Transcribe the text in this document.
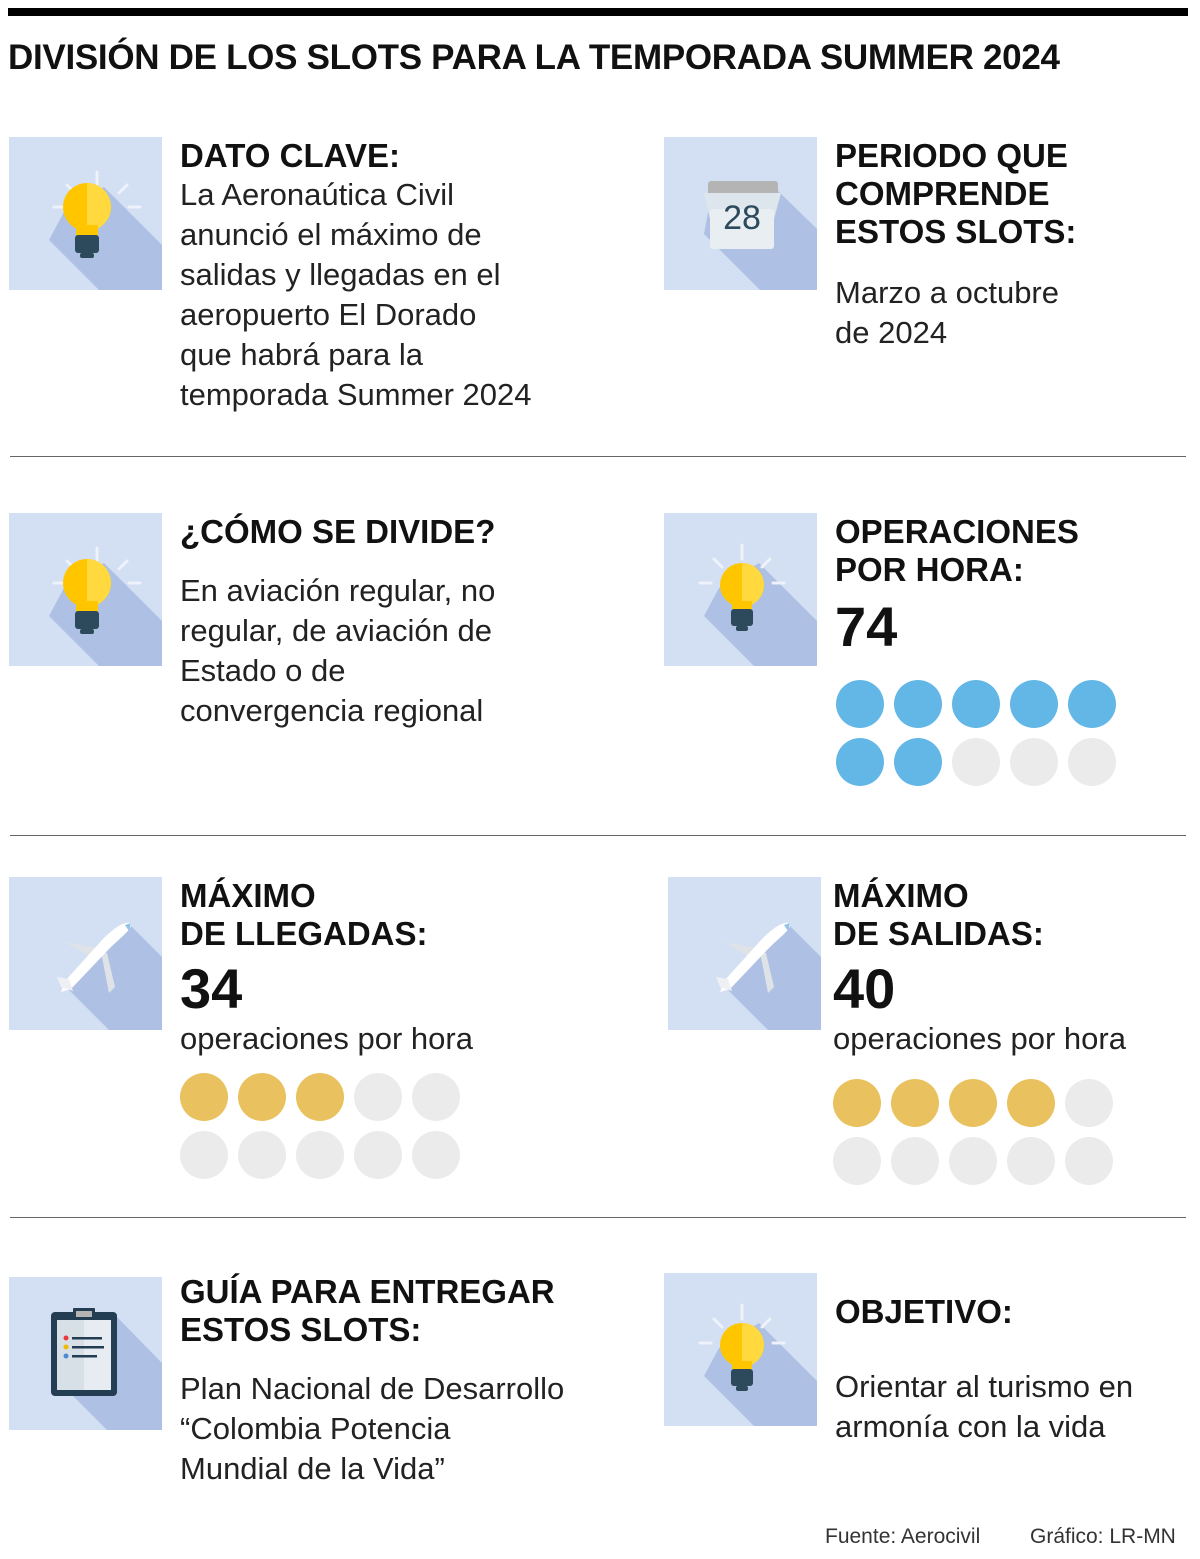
DIVISIÓN DE LOS SLOTS PARA LA TEMPORADA SUMMER 2024
DATO CLAVE:
La Aeronaútica Civil
anunció el máximo de
salidas y llegadas en el
aeropuerto El Dorado
que habrá para la
temporada Summer 2024
28
PERIODO QUE
COMPRENDE
ESTOS SLOTS:
Marzo a octubre
de 2024
¿CÓMO SE DIVIDE?
En aviación regular, no
regular, de aviación de
Estado o de
convergencia regional
OPERACIONES
POR HORA:
74
MÁXIMO
DE LLEGADAS:
34
operaciones por hora
MÁXIMO
DE SALIDAS:
40
operaciones por hora
GUÍA PARA ENTREGAR
ESTOS SLOTS:
Plan Nacional de Desarrollo
“Colombia Potencia
Mundial de la Vida”
OBJETIVO:
Orientar al turismo en
armonía con la vida
Fuente: Aerocivil Gráfico: LR-MN
